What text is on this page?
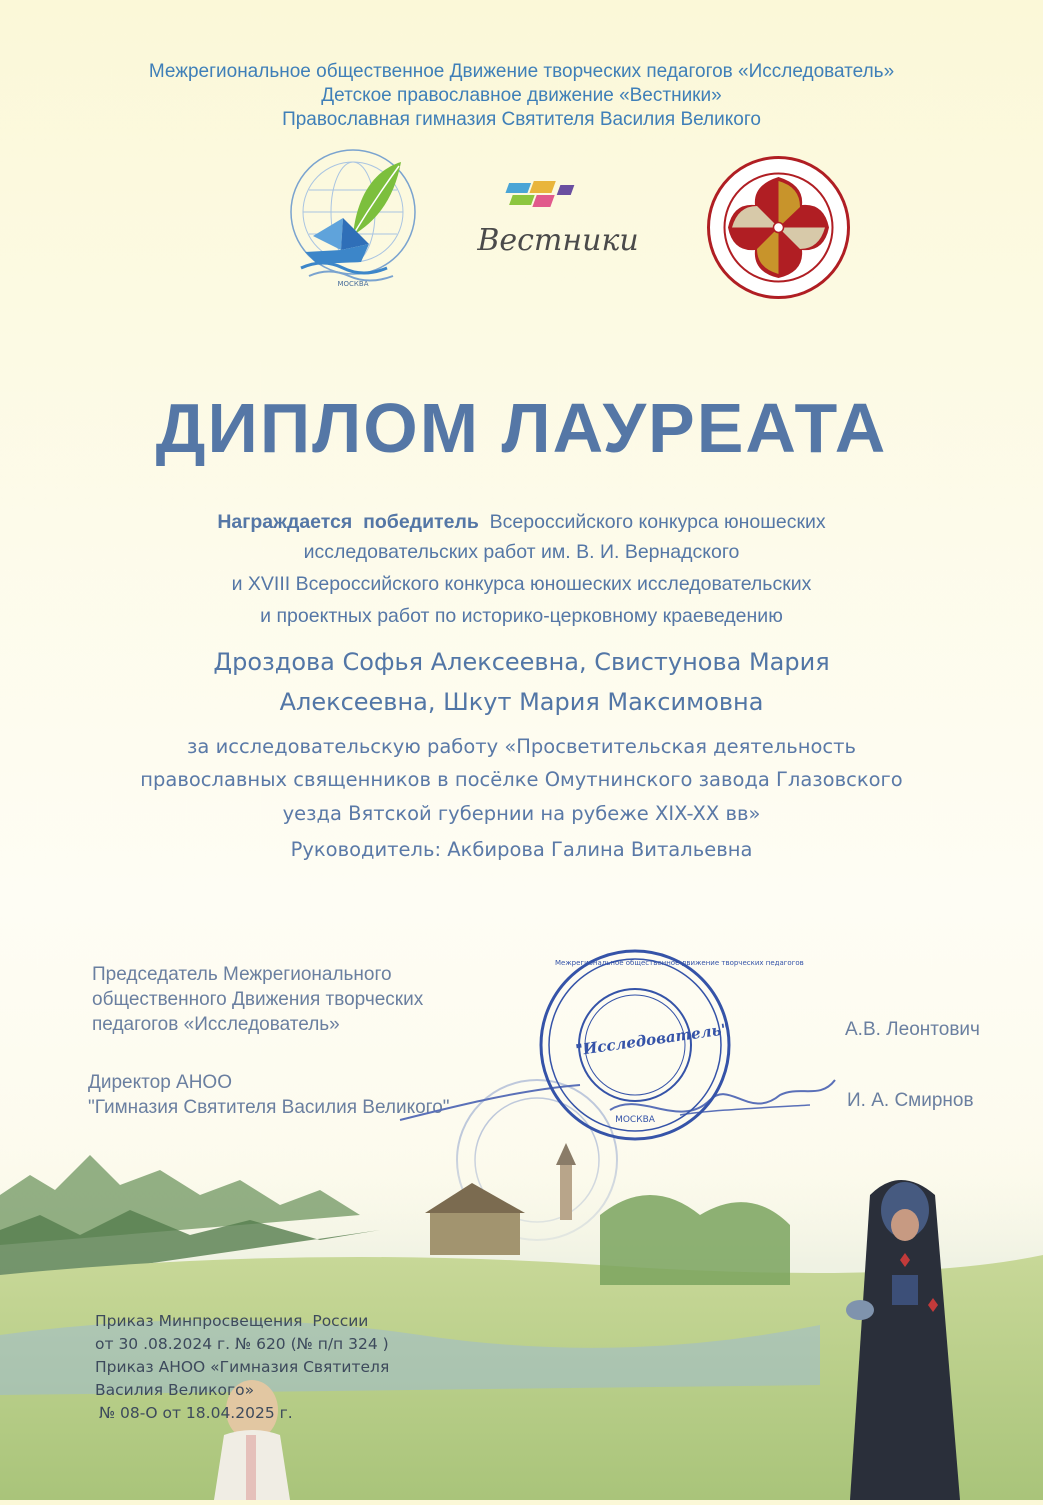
Межрегиональное общественное Движение творческих педагогов «Исследователь»
Детское православное движение «Вестники»
Православная гимназия Святителя Василия Великого
МОСКВА
Вестники
ДИПЛОМ ЛАУРЕАТА
Награждается  победитель  Всероссийского конкурса юношеских
исследовательских работ им. В. И. Вернадского
и XVIII Всероссийского конкурса юношеских исследовательских
и проектных работ по историко-церковному краеведению
Дроздова Софья Алексеевна, Свистунова Мария
Алексеевна, Шкут Мария Максимовна
за исследовательскую работу «Просветительская деятельность
православных священников в посёлке Омутнинского завода Глазовского
уезда Вятской губернии на рубеже XIX-XX вв»
Руководитель: Акбирова Галина Витальевна
Председатель Межрегионального
общественного Движения творческих
педагогов «Исследователь»	А.В. Леонтович
Директор АНОО
"Гимназия Святителя Василия Великого"	И. А. Смирнов
Межрегиональное общественное движение творческих педагогов
"Исследователь"
МОСКВА
Приказ Минпросвещения  России
от 30 .08.2024 г. № 620 (№ п/п 324 )
Приказ АНОО «Гимназия Святителя
Василия Великого»
№ 08-О от 18.04.2025 г.
